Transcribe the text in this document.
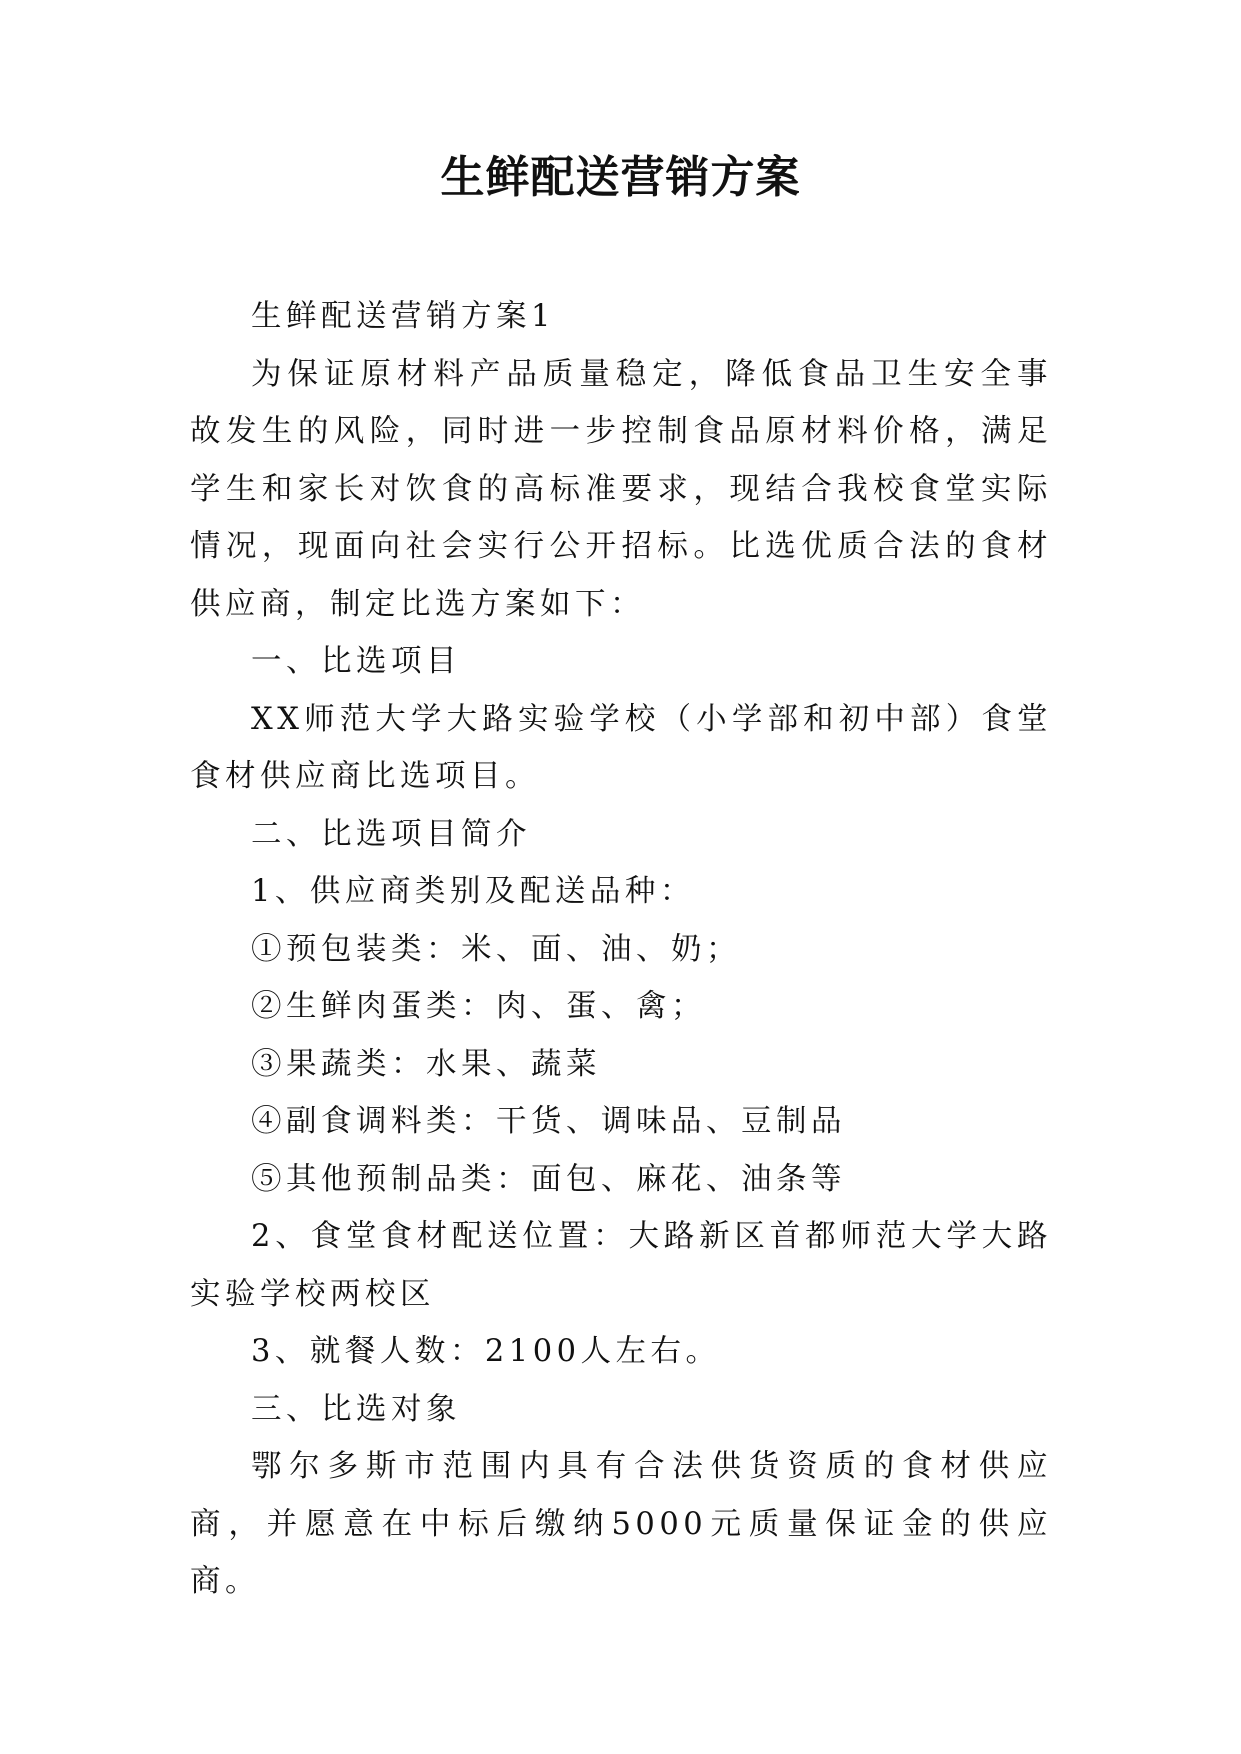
生鲜配送营销方案

生鲜配送营销方案1

为保证原材料产品质量稳定，降低食品卫生安全事故发生的风险，同时进一步控制食品原材料价格，满足学生和家长对饮食的高标准要求，现结合我校食堂实际情况，现面向社会实行公开招标。比选优质合法的食材供应商，制定比选方案如下：

一、比选项目

XX师范大学大路实验学校（小学部和初中部）食堂食材供应商比选项目。

二、比选项目简介

1、供应商类别及配送品种：

①预包装类：米、面、油、奶；

②生鲜肉蛋类：肉、蛋、禽；

③果蔬类：水果、蔬菜

④副食调料类：干货、调味品、豆制品

⑤其他预制品类：面包、麻花、油条等

2、食堂食材配送位置：大路新区首都师范大学大路实验学校两校区

3、就餐人数：2100人左右。

三、比选对象

鄂尔多斯市范围内具有合法供货资质的食材供应商，并愿意在中标后缴纳5000元质量保证金的供应商。
